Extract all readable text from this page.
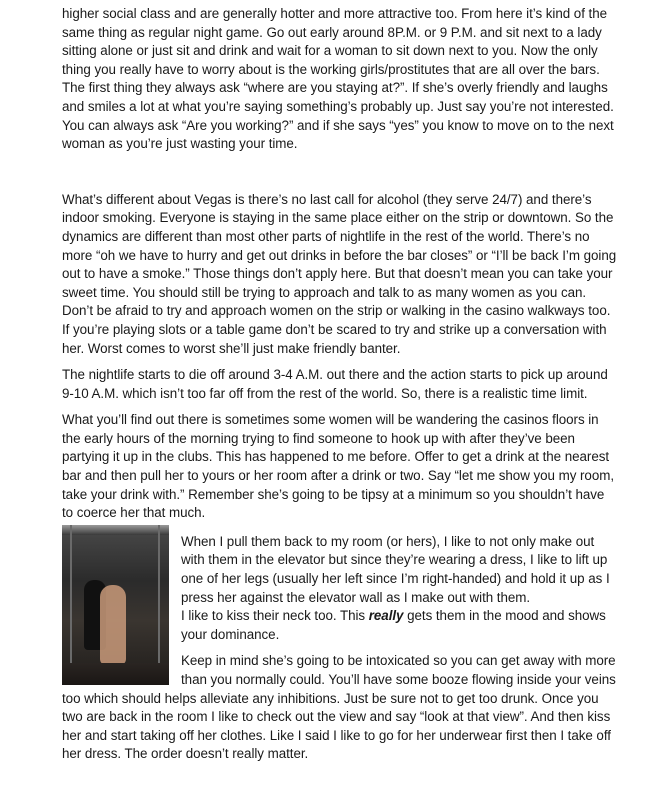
higher social class and are generally hotter and more attractive too. From here it’s kind of the same thing as regular night game. Go out early around 8P.M. or 9 P.M. and sit next to a lady sitting alone or just sit and drink and wait for a woman to sit down next to you. Now the only thing you really have to worry about is the working girls/prostitutes that are all over the bars. The first thing they always ask “where are you staying at?”. If she’s overly friendly and laughs and smiles a lot at what you’re saying something’s probably up. Just say you’re not interested. You can always ask “Are you working?” and if she says “yes” you know to move on to the next woman as you’re just wasting your time.

What’s different about Vegas is there’s no last call for alcohol (they serve 24/7) and there’s indoor smoking. Everyone is staying in the same place either on the strip or downtown. So the dynamics are different than most other parts of nightlife in the rest of the world. There’s no more “oh we have to hurry and get out drinks in before the bar closes” or “I’ll be back I’m going out to have a smoke.” Those things don’t apply here. But that doesn’t mean you can take your sweet time. You should still be trying to approach and talk to as many women as you can. Don’t be afraid to try and approach women on the strip or walking in the casino walkways too. If you’re playing slots or a table game don’t be scared to try and strike up a conversation with her. Worst comes to worst she’ll just make friendly banter.

The nightlife starts to die off around 3-4 A.M. out there and the action starts to pick up around 9-10 A.M. which isn’t too far off from the rest of the world. So, there is a realistic time limit.

What you’ll find out there is sometimes some women will be wandering the casinos floors in the early hours of the morning trying to find someone to hook up with after they’ve been partying it up in the clubs. This has happened to me before. Offer to get a drink at the nearest bar and then pull her to yours or her room after a drink or two. Say “let me show you my room, take your drink with.” Remember she’s going to be tipsy at a minimum so you shouldn’t have to coerce her that much.

When I pull them back to my room (or hers), I like to not only make out with them in the elevator but since they’re wearing a dress, I like to lift up one of her legs (usually her left since I’m right-handed) and hold it up as I press her against the elevator wall as I make out with them.

I like to kiss their neck too. This really gets them in the mood and shows your dominance.

Keep in mind she’s going to be intoxicated so you can get away with more than you normally could. You’ll have some booze flowing inside your veins too which should helps alleviate any inhibitions. Just be sure not to get too drunk. Once you two are back in the room I like to check out the view and say “look at that view”. And then kiss her and start taking off her clothes. Like I said I like to go for her underwear first then I take off her dress. The order doesn’t really matter.
